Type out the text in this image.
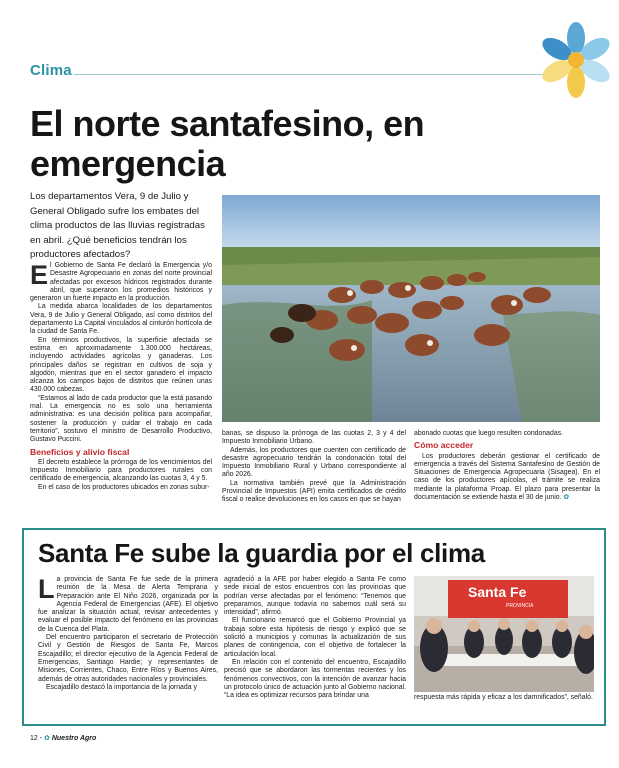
Clima
El norte santafesino, en emergencia
Los departamentos Vera, 9 de Julio y General Obligado sufre los embates del clima productos de las lluvias registradas en abril. ¿Qué beneficios tendrán los productores afectados?

El Gobierno de Santa Fe declaró la Emergencia y/o Desastre Agropecuario en zonas del norte provincial afectadas por excesos hídricos registrados durante abril, que superaron los promedios históricos y generaron un fuerte impacto en la producción.

La medida abarca localidades de los departamentos Vera, 9 de Julio y General Obligado, así como distritos del departamento La Capital vinculados al cinturón hortícola de la ciudad de Santa Fe.

En términos productivos, la superficie afectada se estima en aproximadamente 1.300.000 hectáreas, incluyendo actividades agrícolas y ganaderas. Los principales daños se registran en cultivos de soja y algodón, mientras que en el sector ganadero el impacto alcanza los campos bajos de distritos que reúnen unas 430.000 cabezas.

“Estamos al lado de cada productor que la está pasando mal. La emergencia no es solo una herramienta administrativa: es una decisión política para acompañar, sostener la producción y cuidar el trabajo en cada territorio”, sostuvo el ministro de Desarrollo Productivo, Gustavo Puccini.

Beneficios y alivio fiscal

El decreto establece la prórroga de los vencimientos del Impuesto Inmobiliario para productores rurales con certificado de emergencia, alcanzando las cuotas 3, 4 y 5.

En el caso de los productores ubicados en zonas subur-

banas, se dispuso la prórroga de las cuotas 2, 3 y 4 del Impuesto Inmobiliario Urbano.

Además, los productores que cuenten con certificado de desastre agropecuario tendrán la condonación total del Impuesto Inmobiliario Rural y Urbano correspondiente al año 2026.

La normativa también prevé que la Administración Provincial de Impuestos (API) emita certificados de crédito fiscal o realice devoluciones en los casos en que se hayan

abonado cuotas que luego resulten condonadas.

Cómo acceder

Los productores deberán gestionar el certificado de emergencia a través del Sistema Santafesino de Gestión de Situaciones de Emergencia Agropecuaria (Sisagea). En el caso de los productores apícolas, el trámite se realiza mediante la plataforma Proap. El plazo para presentar la documentación se extiende hasta el 30 de junio. ✿

Santa Fe sube la guardia por el clima

La provincia de Santa Fe fue sede de la primera reunión de la Mesa de Alerta Temprana y Preparación ante El Niño 2026, organizada por la Agencia Federal de Emergencias (AFE). El objetivo fue analizar la situación actual, revisar antecedentes y evaluar el posible impacto del fenómeno en las provincias de la Cuenca del Plata.

Del encuentro participaron el secretario de Protección Civil y Gestión de Riesgos de Santa Fe, Marcos Escajadillo; el director ejecutivo de la Agencia Federal de Emergencias, Santiago Hardie; y representantes de Misiones, Corrientes, Chaco, Entre Ríos y Buenos Aires, además de otras autoridades nacionales y provinciales.

Escajadillo destacó la importancia de la jornada y

agradeció a la AFE por haber elegido a Santa Fe como sede inicial de estos encuentros con las provincias que podrían verse afectadas por el fenómeno: “Tenemos que prepararnos, aunque todavía no sabemos cuál será su intensidad”, afirmó.

El funcionario remarcó que el Gobierno Provincial ya trabaja sobre esta hipótesis de riesgo y explicó que se solicitó a municipios y comunas la actualización de sus planes de contingencia, con el objetivo de fortalecer la articulación local.

En relación con el contenido del encuentro, Escajadillo precisó que se abordaron las tormentas recientes y los fenómenos convectivos, con la intención de avanzar hacia un protocolo único de actuación junto al Gobierno nacional. “La idea es optimizar recursos para brindar una

Santa Fe
PROVINCIA
respuesta más rápida y eficaz a los damnificados”, señaló.
12 - ✿ Nuestro Agro
